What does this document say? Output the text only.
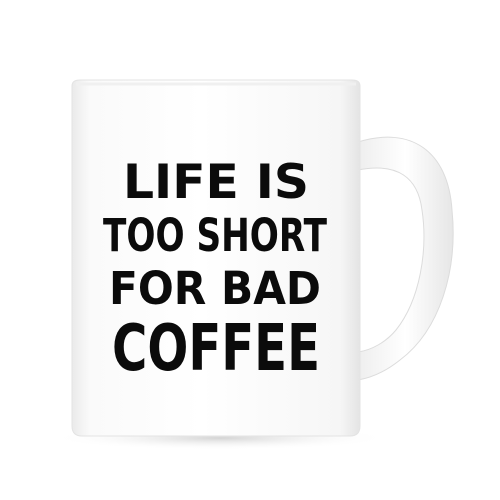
LIFE IS
TOO SHORT
FOR BAD
COFFEE
